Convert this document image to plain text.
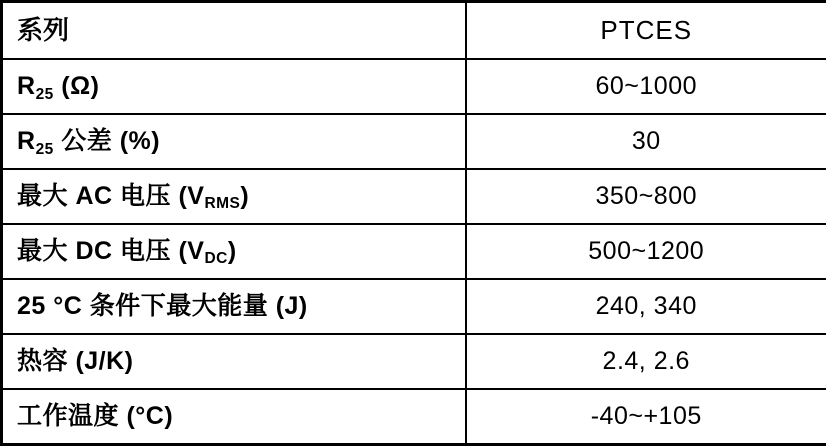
系列	PTCES
$R_{25}$ (Ω)	60~1000
$R_{25}$ 公差 (%)	30
最大 AC 电压 $(V_{RMS})$	350~800
最大 DC 电压 $(V_{DC})$	500~1200
25 °C 条件下最大能量 (J)	240, 340
热容 (J/K)	2.4, 2.6
工作温度 (°C)	-40~+105
